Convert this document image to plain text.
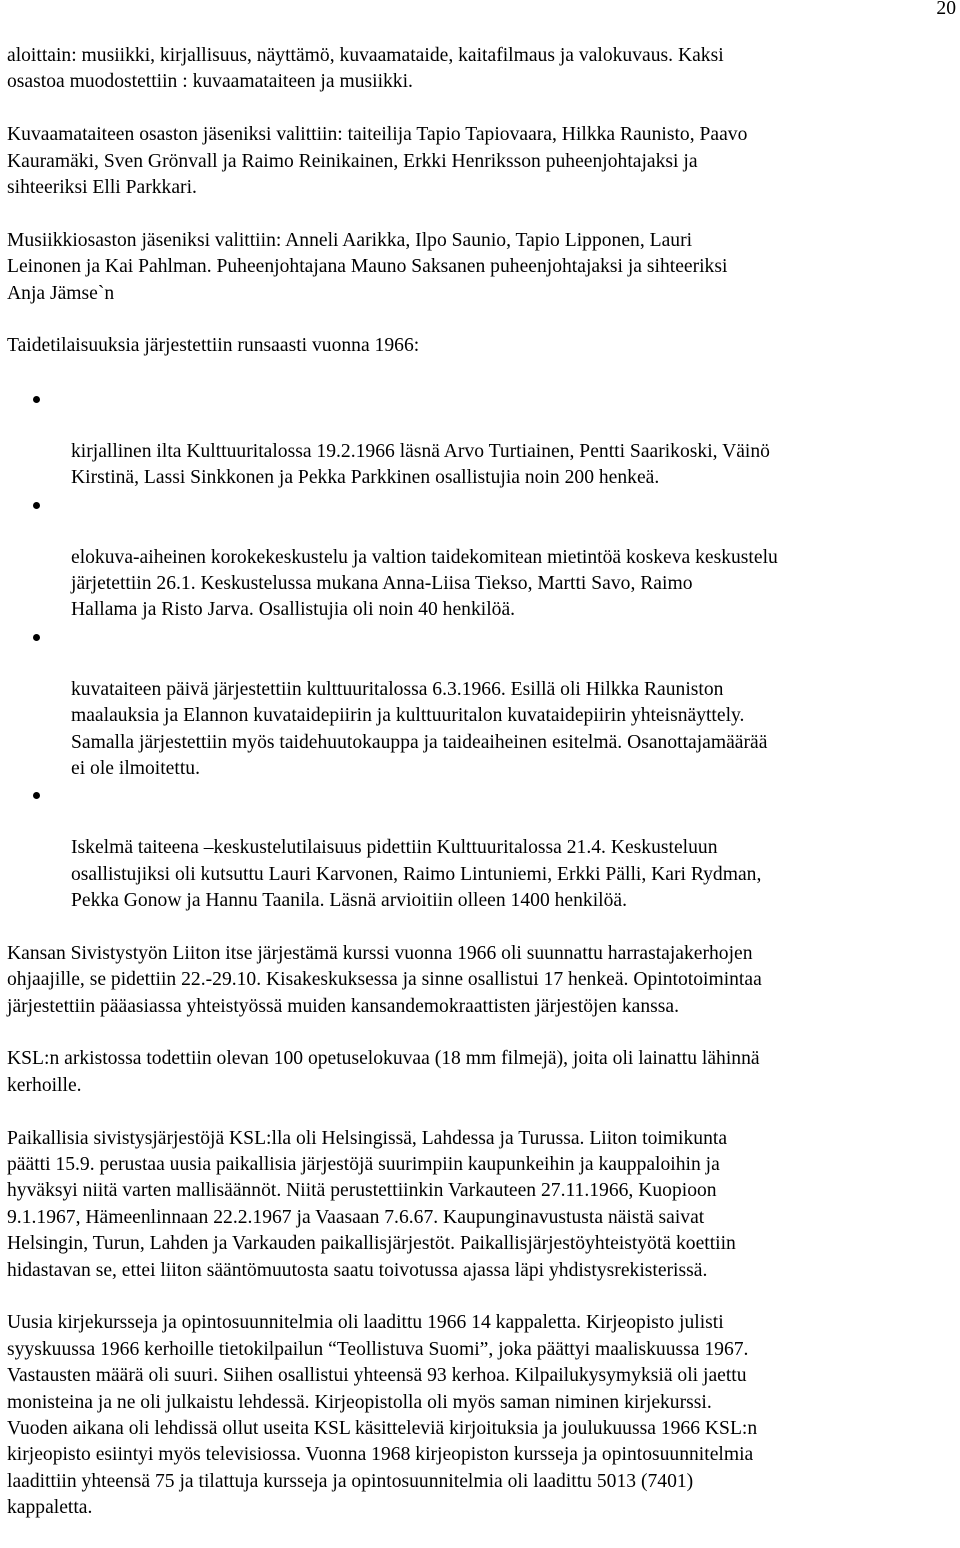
20

aloittain: musiikki, kirjallisuus, näyttämö, kuvaamataide, kaitafilmaus ja valokuvaus. Kaksi
osastoa muodostettiin : kuvaamataiteen ja musiikki.

Kuvaamataiteen osaston jäseniksi valittiin: taiteilija Tapio Tapiovaara, Hilkka Raunisto, Paavo
Kauramäki, Sven Grönvall ja Raimo Reinikainen, Erkki Henriksson puheenjohtajaksi ja
sihteeriksi Elli Parkkari.

Musiikkiosaston jäseniksi valittiin: Anneli Aarikka, Ilpo Saunio, Tapio Lipponen, Lauri
Leinonen ja Kai Pahlman. Puheenjohtajana Mauno Saksanen puheenjohtajaksi ja sihteeriksi
Anja Jämse`n

Taidetilaisuuksia järjestettiin runsaasti vuonna 1966:

kirjallinen ilta Kulttuuritalossa 19.2.1966 läsnä Arvo Turtiainen, Pentti Saarikoski, Väinö
Kirstinä, Lassi Sinkkonen ja Pekka Parkkinen osallistujia noin 200 henkeä.

elokuva-aiheinen korokekeskustelu ja valtion taidekomitean mietintöä koskeva keskustelu
järjetettiin 26.1. Keskustelussa mukana Anna-Liisa Tiekso, Martti Savo, Raimo
Hallama ja Risto Jarva. Osallistujia oli noin 40 henkilöä.

kuvataiteen päivä järjestettiin kulttuuritalossa 6.3.1966. Esillä oli Hilkka Rauniston
maalauksia ja Elannon kuvataidepiirin ja kulttuuritalon kuvataidepiirin yhteisnäyttely.
Samalla järjestettiin myös taidehuutokauppa ja taideaiheinen esitelmä. Osanottajamäärää
ei ole ilmoitettu.

Iskelmä taiteena –keskustelutilaisuus pidettiin Kulttuuritalossa 21.4. Keskusteluun
osallistujiksi oli kutsuttu Lauri Karvonen, Raimo Lintuniemi, Erkki Pälli, Kari Rydman,
Pekka Gonow ja Hannu Taanila. Läsnä arvioitiin olleen 1400 henkilöä.

Kansan Sivistystyön Liiton itse järjestämä kurssi vuonna 1966 oli suunnattu harrastajakerhojen
ohjaajille, se pidettiin 22.-29.10. Kisakeskuksessa ja sinne osallistui 17 henkeä. Opintotoimintaa
järjestettiin pääasiassa yhteistyössä muiden kansandemokraattisten järjestöjen kanssa.

KSL:n arkistossa todettiin olevan 100 opetuselokuvaa (18 mm filmejä), joita oli lainattu lähinnä
kerhoille.

Paikallisia sivistysjärjestöjä KSL:lla oli Helsingissä, Lahdessa ja Turussa. Liiton toimikunta
päätti 15.9. perustaa uusia paikallisia järjestöjä suurimpiin kaupunkeihin ja kauppaloihin ja
hyväksyi niitä varten mallisäännöt. Niitä perustettiinkin Varkauteen 27.11.1966, Kuopioon
9.1.1967, Hämeenlinnaan 22.2.1967 ja Vaasaan 7.6.67. Kaupunginavustusta näistä saivat
Helsingin, Turun, Lahden ja Varkauden paikallisjärjestöt. Paikallisjärjestöyhteistyötä koettiin
hidastavan se, ettei liiton sääntömuutosta saatu toivotussa ajassa läpi yhdistysrekisterissä.

Uusia kirjekursseja ja opintosuunnitelmia oli laadittu 1966 14 kappaletta. Kirjeopisto julisti
syyskuussa 1966 kerhoille tietokilpailun “Teollistuva Suomi”, joka päättyi maaliskuussa 1967.
Vastausten määrä oli suuri. Siihen osallistui yhteensä 93 kerhoa. Kilpailukysymyksiä oli jaettu
monisteina ja ne oli julkaistu lehdessä. Kirjeopistolla oli myös saman niminen kirjekurssi.
Vuoden aikana oli lehdissä ollut useita KSL käsitteleviä kirjoituksia ja joulukuussa 1966 KSL:n
kirjeopisto esiintyi myös televisiossa. Vuonna 1968 kirjeopiston kursseja ja opintosuunnitelmia
laadittiin yhteensä 75 ja tilattuja kursseja ja opintosuunnitelmia oli laadittu 5013 (7401)
kappaletta.
